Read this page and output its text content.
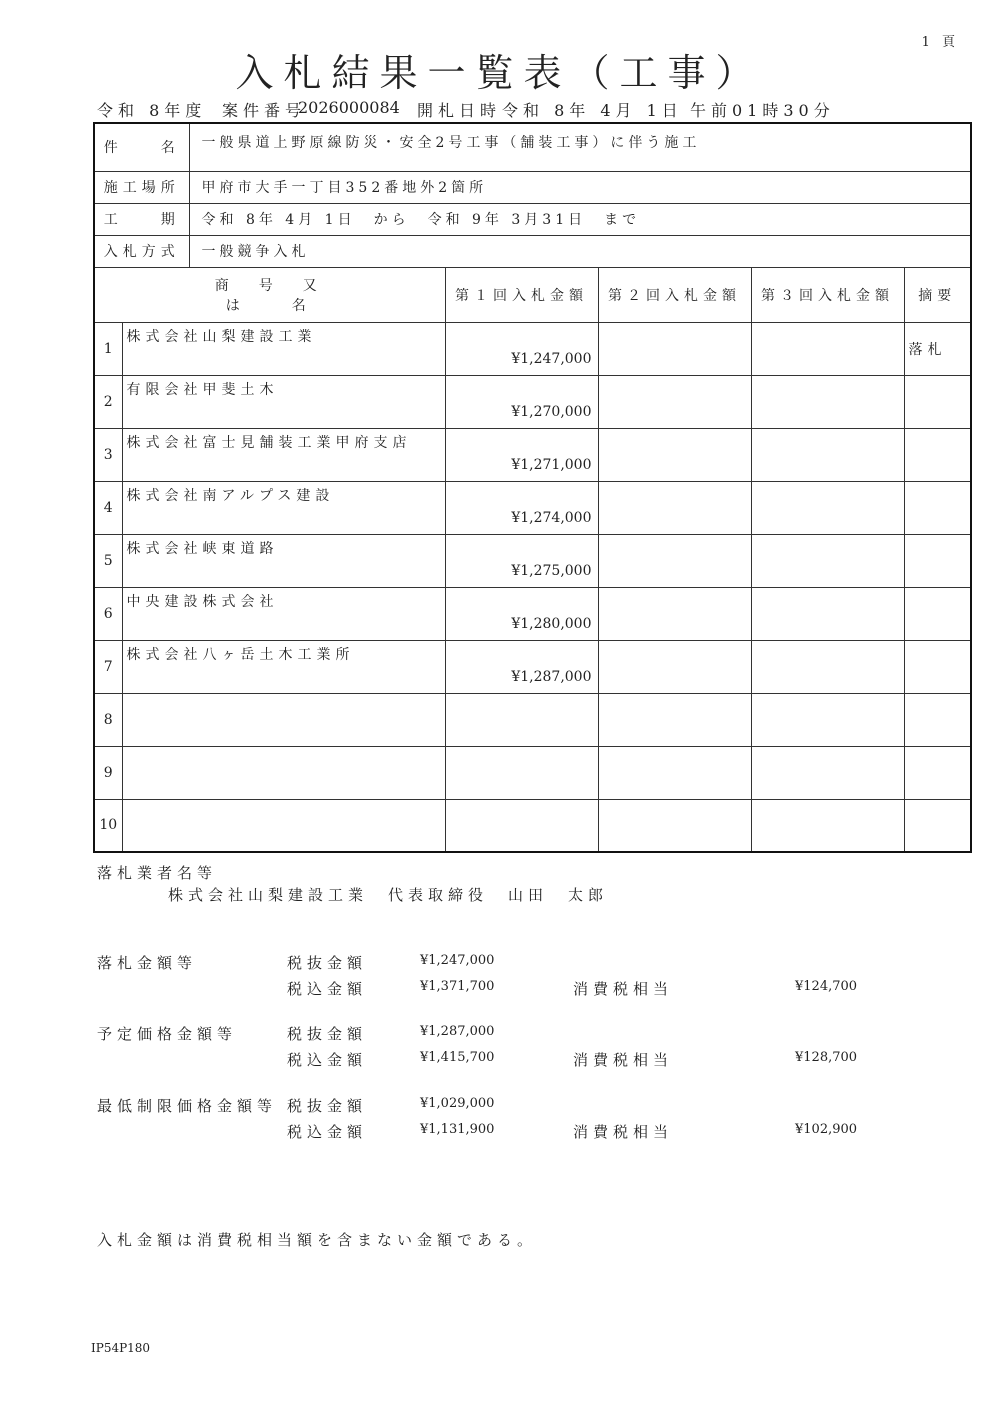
1 頁
入札結果一覧表（工事）
令和 8年度 案件番号
2026000084 開札日時 令和 8年 4月 1日 午前01時30分
件　　名		一般県道上野原線防災・安全2号工事（舗装工事）に伴う施工				
施工場所		甲府市大手一丁目352番地外2箇所				
工　　期		令和 8年 4月 1日　から　令和 9年 3月31日　まで				
入札方式		一般競争入札				

商　号　又
は　　名			第１回入札金額	第２回入札金額	第３回入札金額	摘要
1	株式会社山梨建設工業		¥1,247,000			落札
2	有限会社甲斐土木		¥1,270,000			
3	株式会社富士見舗装工業甲府支店		¥1,271,000			
4	株式会社南アルプス建設		¥1,274,000			
5	株式会社峡東道路		¥1,275,000			
6	中央建設株式会社		¥1,280,000			
7	株式会社八ヶ岳土木工業所		¥1,287,000			
8						
9						
10						
落札業者名等
株式会社山梨建設工業　代表取締役　山田　太郎
落札金額等	税抜金額	¥1,247,000
税込金額	¥1,371,700	消費税相当	¥124,700
予定価格金額等	税抜金額	¥1,287,000
税込金額	¥1,415,700	消費税相当	¥128,700
最低制限価格金額等 税抜金額	¥1,029,000
税込金額	¥1,131,900	消費税相当	¥102,900
入札金額は消費税相当額を含まない金額である。
IP54P180
